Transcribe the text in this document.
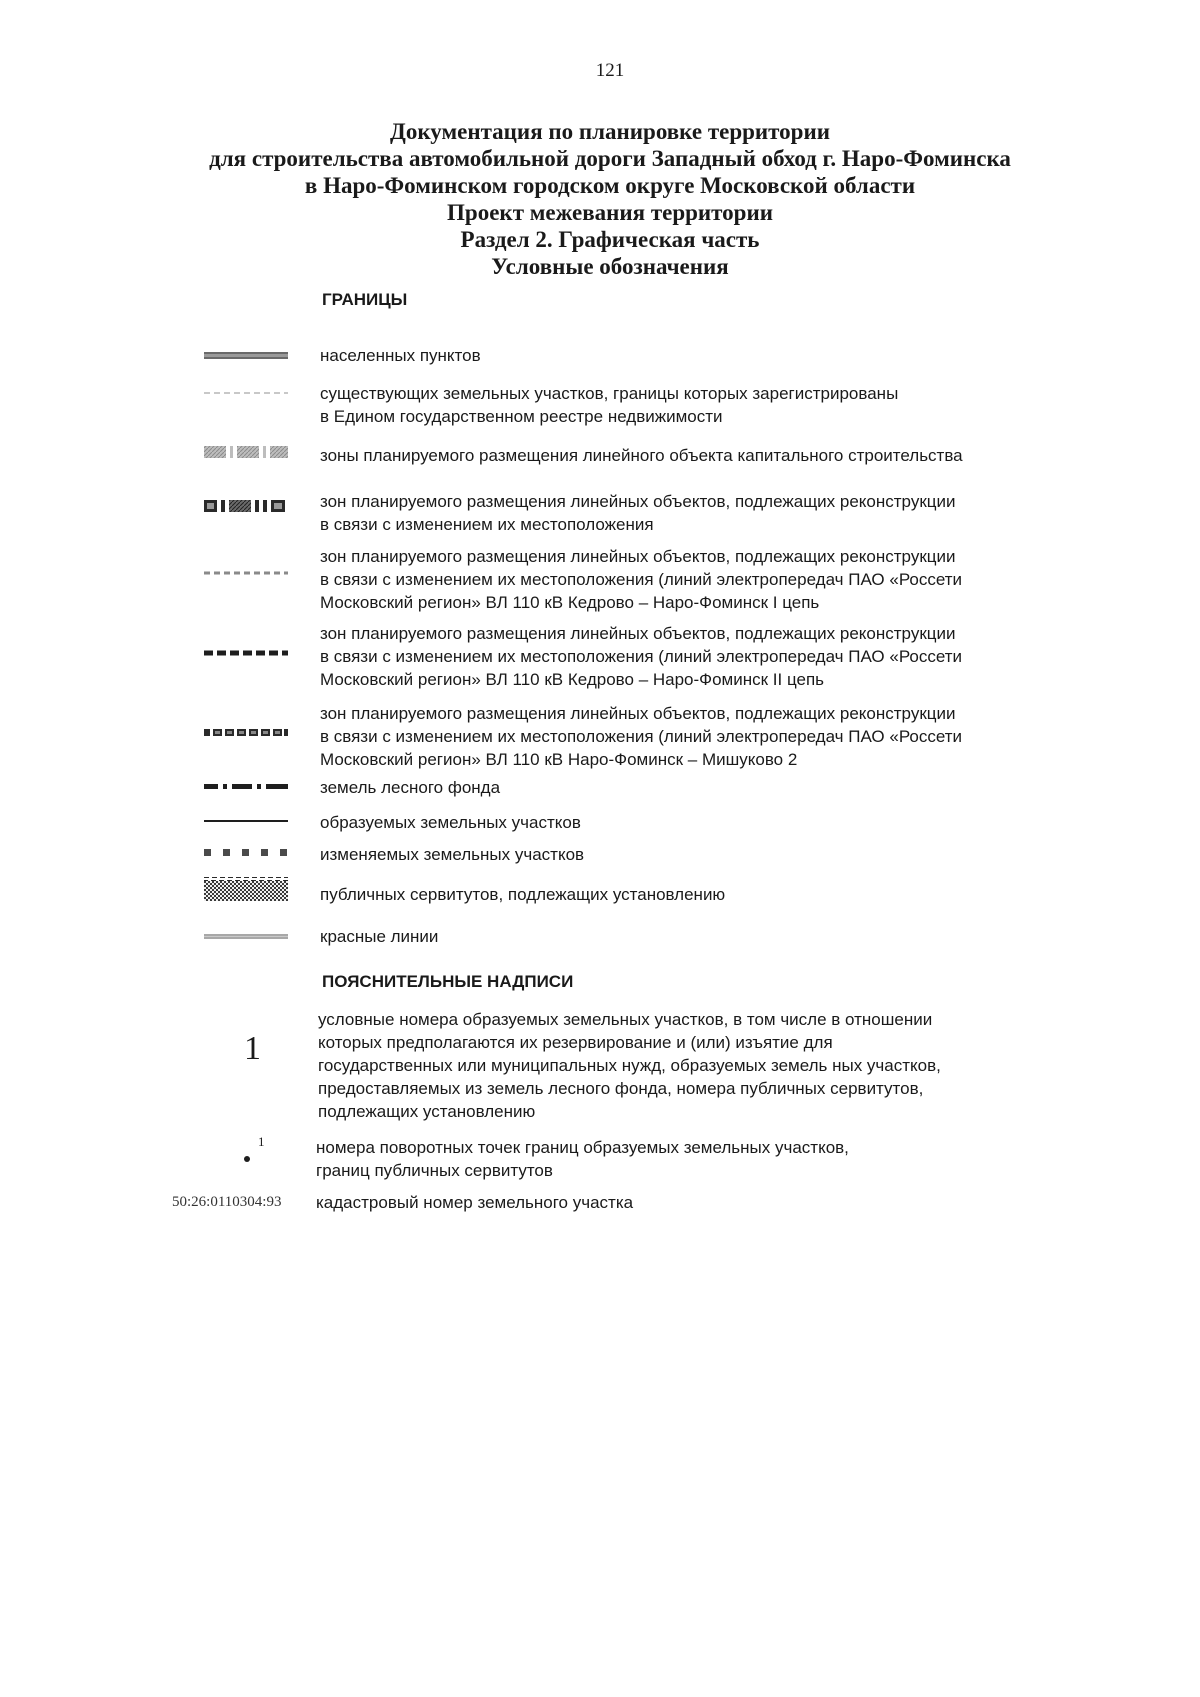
121
Документация по планировке территории
для строительства автомобильной дороги Западный обход г. Наро-Фоминска
в Наро-Фоминском городском округе Московской области
Проект межевания территории
Раздел 2. Графическая часть
Условные обозначения
ГРАНИЦЫ
населенных пунктов
существующих земельных участков, границы которых зарегистрированы
в Едином государственном реестре недвижимости
зоны планируемого размещения линейного объекта капитального строительства
зон планируемого размещения линейных объектов, подлежащих реконструкции
в связи с изменением их местоположения
зон планируемого размещения линейных объектов, подлежащих реконструкции
в связи с изменением их местоположения (линий электропередач ПАО «Россети
Московский регион» ВЛ 110 кВ Кедрово – Наро-Фоминск I цепь
зон планируемого размещения линейных объектов, подлежащих реконструкции
в связи с изменением их местоположения (линий электропередач ПАО «Россети
Московский регион» ВЛ 110 кВ Кедрово – Наро-Фоминск II цепь
зон планируемого размещения линейных объектов, подлежащих реконструкции
в связи с изменением их местоположения (линий электропередач ПАО «Россети
Московский регион» ВЛ 110 кВ Наро-Фоминск – Мишуково 2
земель лесного фонда
образуемых земельных участков
изменяемых земельных участков
публичных сервитутов, подлежащих установлению
красные линии
ПОЯСНИТЕЛЬНЫЕ НАДПИСИ
1
условные номера образуемых земельных участков, в том числе в отношении
которых предполагаются их резервирование и (или) изъятие для
государственных или муниципальных нужд, образуемых земель ных участков,
предоставляемых из земель лесного фонда, номера публичных сервитутов,
подлежащих установлению
1	номера поворотных точек границ образуемых земельных участков,
границ публичных сервитутов
50:26:0110304:93 кадастровый номер земельного участка
